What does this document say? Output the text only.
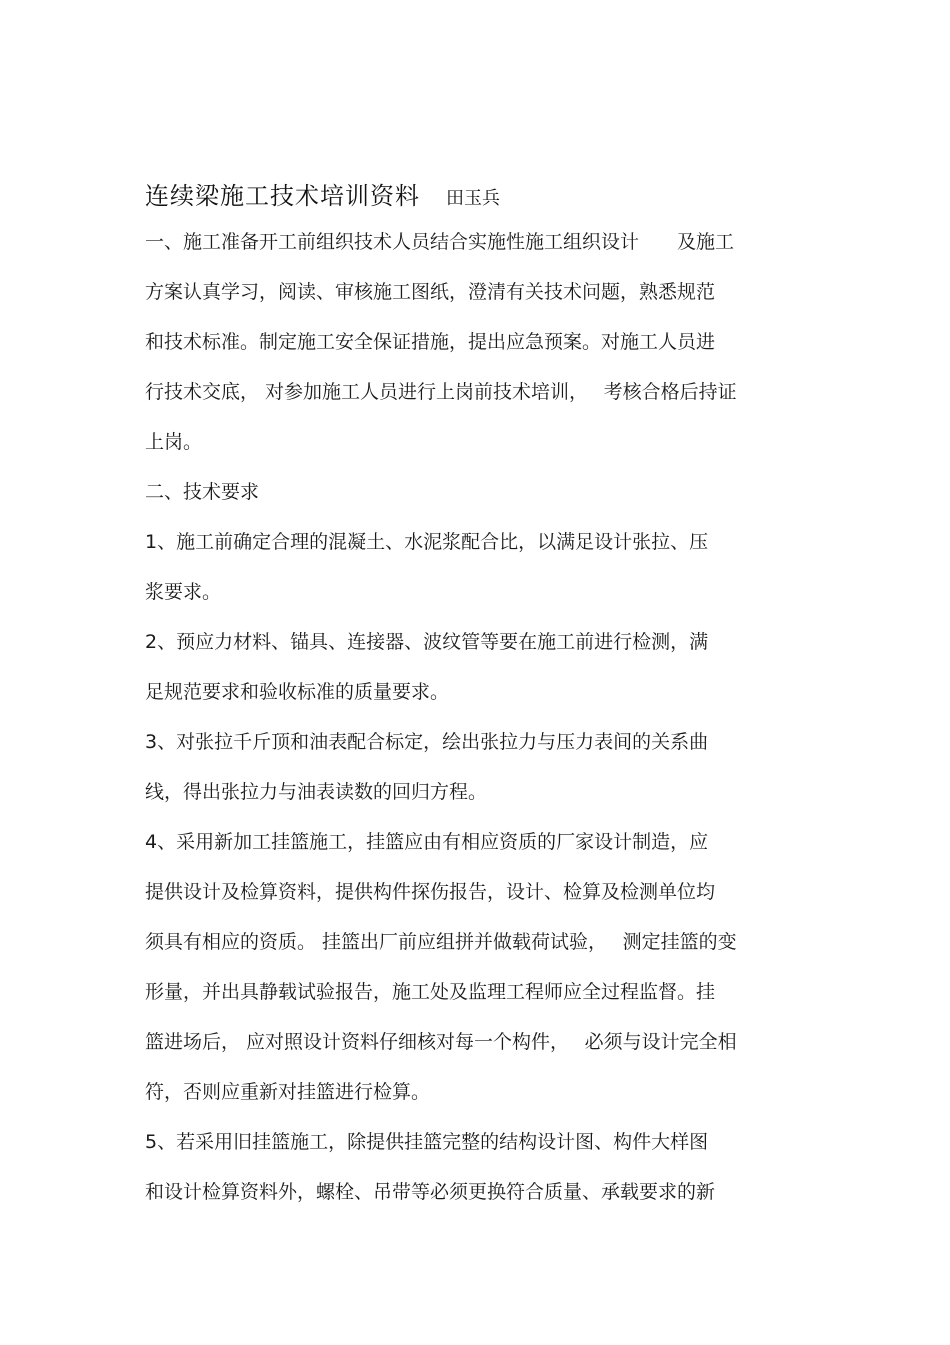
连续梁施工技术培训资料 田玉兵
一、施工准备开工前组织技术人员结合实施性施工组织设计　　及施工
方案认真学习，阅读、审核施工图纸，澄清有关技术问题，熟悉规范
和技术标准。制定施工安全保证措施，提出应急预案。对施工人员进
行技术交底， 对参加施工人员进行上岗前技术培训，　 考核合格后持证
上岗。
二、技术要求
1、施工前确定合理的混凝土、水泥浆配合比，以满足设计张拉、压
浆要求。
2、预应力材料、锚具、连接器、波纹管等要在施工前进行检测，满
足规范要求和验收标准的质量要求。
3、对张拉千斤顶和油表配合标定，绘出张拉力与压力表间的关系曲
线，得出张拉力与油表读数的回归方程。
4、采用新加工挂篮施工，挂篮应由有相应资质的厂家设计制造，应
提供设计及检算资料，提供构件探伤报告，设计、检算及检测单位均
须具有相应的资质。 挂篮出厂前应组拼并做载荷试验，　 测定挂篮的变
形量，并出具静载试验报告，施工处及监理工程师应全过程监督。挂
篮进场后， 应对照设计资料仔细核对每一个构件，　 必须与设计完全相
符，否则应重新对挂篮进行检算。
5、若采用旧挂篮施工，除提供挂篮完整的结构设计图、构件大样图
和设计检算资料外，螺栓、吊带等必须更换符合质量、承载要求的新
